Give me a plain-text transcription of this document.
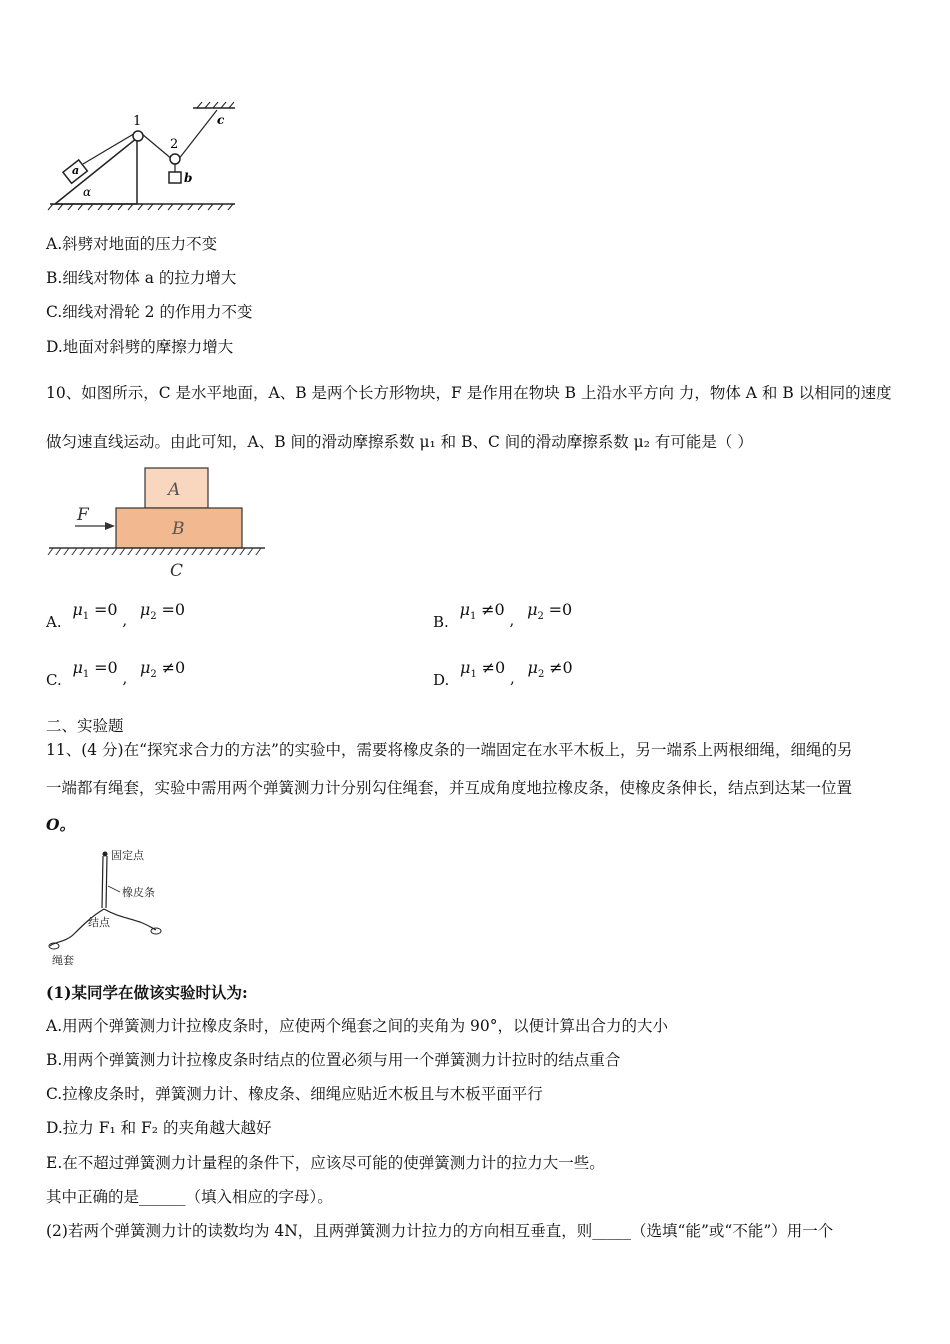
a
α
1
2
b
c
A.斜劈对地面的压力不变
B.细线对物体 a 的拉力增大
C.细线对滑轮 2 的作用力不变
D.地面对斜劈的摩擦力增大
10、如图所示，C 是水平地面，A、B 是两个长方形物块，F 是作用在物块 B 上沿水平方向 力，物体 A 和 B 以相同的速度
做匀速直线运动。由此可知，A、B 间的滑动摩擦系数 μ₁ 和 B、C 间的滑动摩擦系数 μ₂ 有可能是（ ）
A
B
F
C
A. $\mu_1 =0$ , $\mu_2 =0$
B. $\mu_1 \ne 0$ , $\mu_2 =0$
C. $\mu_1 =0$ , $\mu_2 \ne 0$
D. $\mu_1 \ne 0$ , $\mu_2 \ne 0$
二、实验题
11、(4 分)在“探究求合力的方法”的实验中，需要将橡皮条的一端固定在水平木板上，另一端系上两根细绳，细绳的另
一端都有绳套，实验中需用两个弹簧测力计分别勾住绳套，并互成角度地拉橡皮条，使橡皮条伸长，结点到达某一位置
O。
固定点
橡皮条
结点
绳套
(1)某同学在做该实验时认为:
A.用两个弹簧测力计拉橡皮条时，应使两个绳套之间的夹角为 90°，以便计算出合力的大小
B.用两个弹簧测力计拉橡皮条时结点的位置必须与用一个弹簧测力计拉时的结点重合
C.拉橡皮条时，弹簧测力计、橡皮条、细绳应贴近木板且与木板平面平行
D.拉力 F₁ 和 F₂ 的夹角越大越好
E.在不超过弹簧测力计量程的条件下，应该尽可能的使弹簧测力计的拉力大一些。
其中正确的是______（填入相应的字母）。
(2)若两个弹簧测力计的读数均为 4N，且两弹簧测力计拉力的方向相互垂直，则_____（选填“能”或“不能”）用一个
